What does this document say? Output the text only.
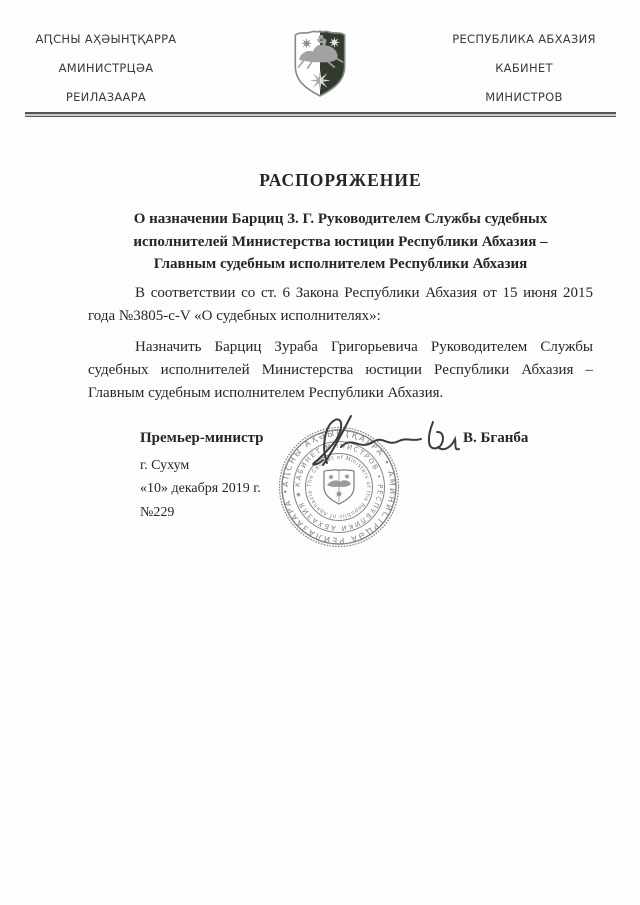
АԤСНЫ АҲӘЫНҬҚАРРА
АМИНИСТРЦӘА
РЕИЛАЗААРА
РЕСПУБЛИКА АБХАЗИЯ
КАБИНЕТ
МИНИСТРОВ
РАСПОРЯЖЕНИЕ
О назначении Барциц З. Г. Руководителем Службы судебных
исполнителей Министерства юстиции Республики Абхазия –
Главным судебным исполнителем Республики Абхазия

В соответствии со ст. 6 Закона Республики Абхазия от 15 июня 2015 года №3805-с-V «О судебных исполнителях»:

Назначить Барциц Зураба Григорьевича Руководителем Службы судебных исполнителей Министерства юстиции Республики Абхазия – Главным судебным исполнителем Республики Абхазия.

Премьер-министр	В. Бганба
г. Сухум
«10» декабря 2019 г.
№229
АԤСНЫ АҲӘЫНҬҚАРРА • АМИНИСТРЦӘА РЕИЛАЗААРА •
КАБИНЕТ МИНИСТРОВ • РЕСПУБЛИКИ АБХАЗИЯ ★
The Cabinet of Ministers of the Republic of Abkhazia
